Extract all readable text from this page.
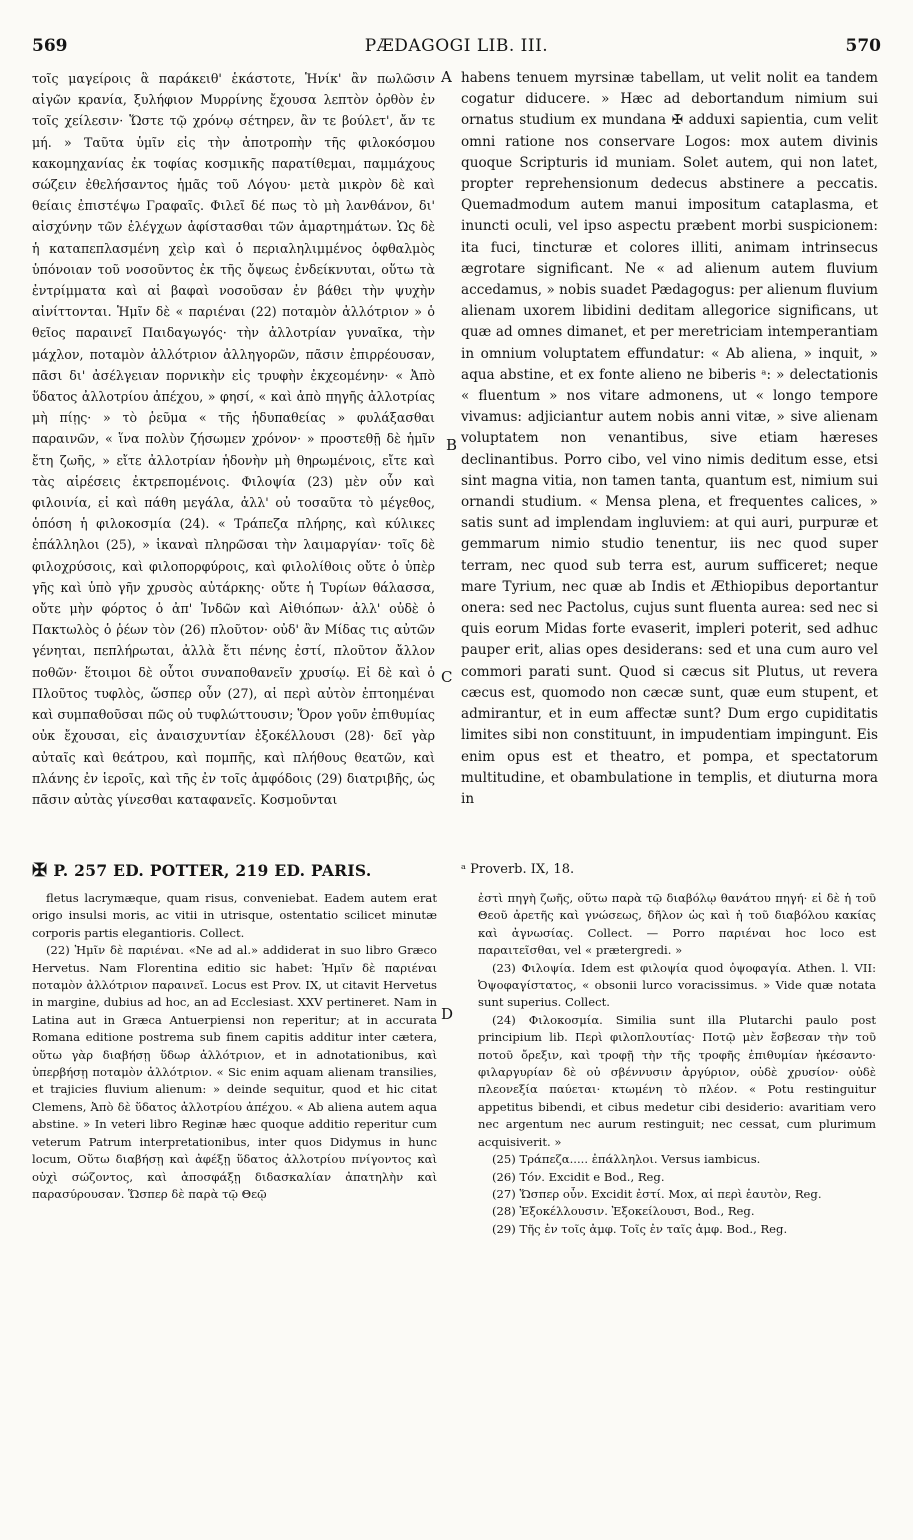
569	PÆDAGOGI LIB. III.	570

τοῖς μαγείροις ἃ παράκειθ' ἑκάστοτε, Ἡνίκ' ἂν πωλῶσιν αἰγῶν κρανία, ξυλήφιον Μυρρίνης ἔχουσα λεπτὸν ὀρθὸν ἐν τοῖς χείλεσιν· Ὥστε τῷ χρόνῳ σέτηρεν, ἂν τε βούλετ', ἄν τε μή. » Ταῦτα ὑμῖν εἰς τὴν ἀποτροπὴν τῆς φιλοκόσμου κακομηχανίας ἐκ τοφίας κοσμικῆς παρατίθεμαι, παμμάχους σώζειν ἐθελήσαντος ἡμᾶς τοῦ Λόγου· μετὰ μικρὸν δὲ καὶ θείαις ἐπιστέψω Γραφαῖς. Φιλεῖ δέ πως τὸ μὴ λανθάνον, δι' αἰσχύνην τῶν ἐλέγχων ἀφίστασθαι τῶν ἁμαρτημάτων. Ὡς δὲ ἡ καταπεπλασμένη χεὶρ καὶ ὁ περιαληλιμμένος ὀφθαλμὸς ὑπόνοιαν τοῦ νοσοῦντος ἐκ τῆς ὄψεως ἐνδείκνυται, οὕτω τὰ ἐντρίμματα καὶ αἱ βαφαὶ νοσοῦσαν ἐν βάθει τὴν ψυχὴν αἰνίττονται. Ἡμῖν δὲ « παριέναι (22) ποταμὸν ἀλλότριον » ὁ θεῖος παραινεῖ Παιδαγωγός· τὴν ἀλλοτρίαν γυναῖκα, τὴν μάχλον, ποταμὸν ἀλλότριον ἀλληγορῶν, πᾶσιν ἐπιρρέουσαν, πᾶσι δι' ἀσέλγειαν πορνικὴν εἰς τρυφὴν ἐκχεομένην· « Ἀπὸ ὕδατος ἀλλοτρίου ἀπέχου, » φησί, « καὶ ἀπὸ πηγῆς ἀλλοτρίας μὴ πίῃς· » τὸ ῥεῦμα « τῆς ἡδυπαθείας » φυλάξασθαι παραινῶν, « ἵνα πολὺν ζήσωμεν χρόνον· » προστεθῇ δὲ ἡμῖν ἔτη ζωῆς, » εἴτε ἀλλοτρίαν ἡδονὴν μὴ θηρωμένοις, εἴτε καὶ τὰς αἱρέσεις ἐκτρεπομένοις. Φιλοψία (23) μὲν οὖν καὶ φιλοινία, εἰ καὶ πάθη μεγάλα, ἀλλ' οὐ τοσαῦτα τὸ μέγεθος, ὁπόση ἡ φιλοκοσμία (24). « Τράπεζα πλήρης, καὶ κύλικες ἐπάλληλοι (25), » ἱκαναὶ πληρῶσαι τὴν λαιμαργίαν· τοῖς δὲ φιλοχρύσοις, καὶ φιλοπορφύροις, καὶ φιλολίθοις οὔτε ὁ ὑπὲρ γῆς καὶ ὑπὸ γῆν χρυσὸς αὐτάρκης· οὔτε ἡ Τυρίων θάλασσα, οὔτε μὴν φόρτος ὁ ἀπ' Ἰνδῶν καὶ Αἰθιόπων· ἀλλ' οὐδὲ ὁ Πακτωλὸς ὁ ῥέων τὸν (26) πλοῦτον· οὐδ' ἂν Μίδας τις αὐτῶν γένηται, πεπλήρωται, ἀλλὰ ἔτι πένης ἐστί, πλοῦτον ἄλλον ποθῶν· ἕτοιμοι δὲ οὗτοι συναποθανεῖν χρυσίῳ. Εἰ δὲ καὶ ὁ Πλοῦτος τυφλὸς, ὥσπερ οὖν (27), αἱ περὶ αὐτὸν ἐπτοημέναι καὶ συμπαθοῦσαι πῶς οὐ τυφλώττουσιν; Ὅρον γοῦν ἐπιθυμίας οὐκ ἔχουσαι, εἰς ἀναισχυντίαν ἐξοκέλλουσι (28)· δεῖ γὰρ αὐταῖς καὶ θεάτρου, καὶ πομπῆς, καὶ πλήθους θεατῶν, καὶ πλάνης ἐν ἱεροῖς, καὶ τῆς ἐν τοῖς ἀμφόδοις (29) διατριβῆς, ὡς πᾶσιν αὐτὰς γίνεσθαι καταφανεῖς. Κοσμοῦνται

A
B
C
D

habens tenuem myrsinæ tabellam, ut velit nolit ea tandem cogatur diducere. » Hæc ad debortandum nimium sui ornatus studium ex mundana ✠ adduxi sapientia, cum velit omni ratione nos conservare Logos: mox autem divinis quoque Scripturis id muniam. Solet autem, qui non latet, propter reprehensionum dedecus abstinere a peccatis. Quemadmodum autem manui impositum cataplasma, et inuncti oculi, vel ipso aspectu præbent morbi suspicionem: ita fuci, tincturæ et colores illiti, animam intrinsecus ægrotare significant. Ne « ad alienum autem fluvium accedamus, » nobis suadet Pædagogus: per alienum fluvium alienam uxorem libidini deditam allegorice significans, ut quæ ad omnes dimanet, et per meretriciam intemperantiam in omnium voluptatem effundatur: « Ab aliena, » inquit, » aqua abstine, et ex fonte alieno ne biberis ᵃ: » delectationis « fluentum » nos vitare admonens, ut « longo tempore vivamus: adjiciantur autem nobis anni vitæ, » sive alienam voluptatem non venantibus, sive etiam hæreses declinantibus. Porro cibo, vel vino nimis deditum esse, etsi sint magna vitia, non tamen tanta, quantum est, nimium sui ornandi studium. « Mensa plena, et frequentes calices, » satis sunt ad implendam ingluviem: at qui auri, purpuræ et gemmarum nimio studio tenentur, iis nec quod super terram, nec quod sub terra est, aurum sufficeret; neque mare Tyrium, nec quæ ab Indis et Æthiopibus deportantur onera: sed nec Pactolus, cujus sunt fluenta aurea: sed nec si quis eorum Midas forte evaserit, impleri poterit, sed adhuc pauper erit, alias opes desiderans: sed et una cum auro vel commori parati sunt. Quod si cæcus sit Plutus, ut revera cæcus est, quomodo non cæcæ sunt, quæ eum stupent, et admirantur, et in eum affectæ sunt? Dum ergo cupiditatis limites sibi non constituunt, in impudentiam impingunt. Eis enim opus est et theatro, et pompa, et spectatorum multitudine, et obambulatione in templis, et diuturna mora in

✠ P. 257 ED. POTTER, 219 ED. PARIS.	ᵃ Proverb. IX, 18.

fletus lacrymæque, quam risus, conveniebat. Eadem autem erat origo insulsi moris, ac vitii in utrisque, ostentatio scilicet minutæ corporis partis elegantioris. Collect.

(22) Ἡμῖν δὲ παριέναι. «Ne ad al.» addiderat in suo libro Græco Hervetus. Nam Florentina editio sic habet: Ἡμῖν δὲ παριέναι ποταμὸν ἀλλότριον παραινεῖ. Locus est Prov. IX, ut citavit Hervetus in margine, dubius ad hoc, an ad Ecclesiast. XXV pertineret. Nam in Latina aut in Græca Antuerpiensi non reperitur; at in accurata Romana editione postrema sub finem capitis additur inter cætera, οὕτω γὰρ διαβήσῃ ὕδωρ ἀλλότριον, et in adnotationibus, καὶ ὑπερβήσῃ ποταμὸν ἀλλότριον. « Sic enim aquam alienam transilies, et trajicies fluvium alienum: » deinde sequitur, quod et hic citat Clemens, Ἀπὸ δὲ ὕδατος ἀλλοτρίου ἀπέχου. « Ab aliena autem aqua abstine. » In veteri libro Reginæ hæc quoque additio reperitur cum veterum Patrum interpretationibus, inter quos Didymus in hunc locum, Οὕτω διαβήσῃ καὶ ἀφέξῃ ὕδατος ἀλλοτρίου πνίγοντος καὶ οὐχὶ σώζοντος, καὶ ἀποσφάξῃ διδασκαλίαν ἀπατηλὴν καὶ παρασύρουσαν. Ὥσπερ δὲ παρὰ τῷ Θεῷ

ἐστὶ πηγὴ ζωῆς, οὕτω παρὰ τῷ διαβόλῳ θανάτου πηγή· εἰ δὲ ἡ τοῦ Θεοῦ ἀρετῆς καὶ γνώσεως, δῆλον ὡς καὶ ἡ τοῦ διαβόλου κακίας καὶ ἀγνωσίας. Collect. — Porro παριέναι hoc loco est παραιτεῖσθαι, vel « prætergredi. »

(23) Φιλοψία. Idem est φιλοψία quod ὀψοφαγία. Athen. l. VII: Ὀψοφαγίστατος, « obsonii lurco voracissimus. » Vide quæ notata sunt superius. Collect.

(24) Φιλοκοσμία. Similia sunt illa Plutarchi paulo post principium lib. Περὶ φιλοπλουτίας· Ποτῷ μὲν ἔσβεσαν τὴν τοῦ ποτοῦ ὄρεξιν, καὶ τροφῇ τὴν τῆς τροφῆς ἐπιθυμίαν ἠκέσαντο· φιλαργυρίαν δὲ οὐ σβέννυσιν ἀργύριον, οὐδὲ χρυσίον· οὐδὲ πλεονεξία παύεται· κτωμένη τὸ πλέον. « Potu restinguitur appetitus bibendi, et cibus medetur cibi desiderio: avaritiam vero nec argentum nec aurum restinguit; nec cessat, cum plurimum acquisiverit. »

(25) Τράπεζα..... ἐπάλληλοι. Versus iambicus.

(26) Τόν. Excidit e Bod., Reg.

(27) Ὥσπερ οὖν. Excidit ἐστί. Mox, αἱ περὶ ἑαυτὸν, Reg.

(28) Ἐξοκέλλουσιν. Ἐξοκείλουσι, Bod., Reg.

(29) Τῆς ἐν τοῖς ἀμφ. Τοῖς ἐν ταῖς ἀμφ. Bod., Reg.
